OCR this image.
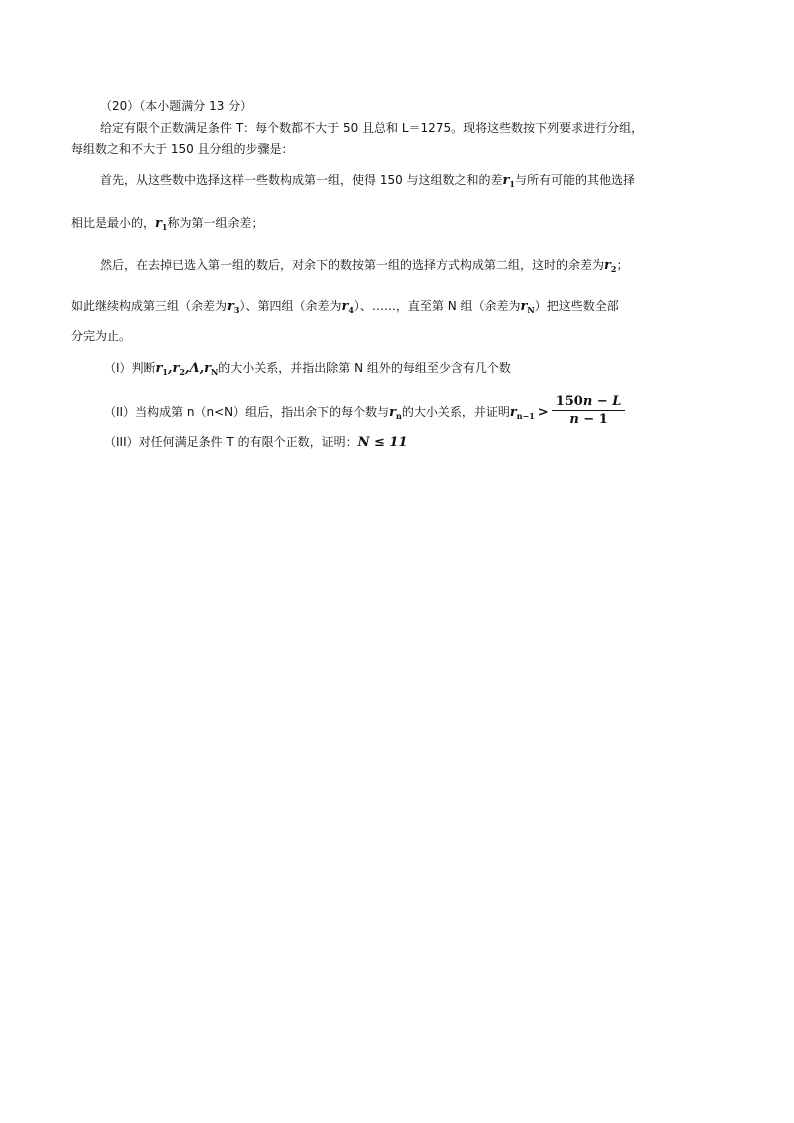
（20）（本小题满分 13 分）
给定有限个正数满足条件 T：每个数都不大于 50 且总和 L＝1275。现将这些数按下列要求进行分组，
每组数之和不大于 150 且分组的步骤是：
首先，从这些数中选择这样一些数构成第一组，使得 150 与这组数之和的差$r_1$与所有可能的其他选择
相比是最小的，$r_1$称为第一组余差；
然后，在去掉已选入第一组的数后，对余下的数按第一组的选择方式构成第二组，这时的余差为$r_2$；
如此继续构成第三组（余差为$r_3$）、第四组（余差为$r_4$）、……，直至第 N 组（余差为$r_N$）把这些数全部
分完为止。
（I）判断$r_1,r_2,\Lambda,r_N$的大小关系，并指出除第 N 组外的每组至少含有几个数
（II）当构成第 n（n<N）组后，指出余下的每个数与$r_n$的大小关系，并证明$r_{n-1} > \frac{150n - L}{n - 1}$
（III）对任何满足条件 T 的有限个正数，证明：N ≤ 11
